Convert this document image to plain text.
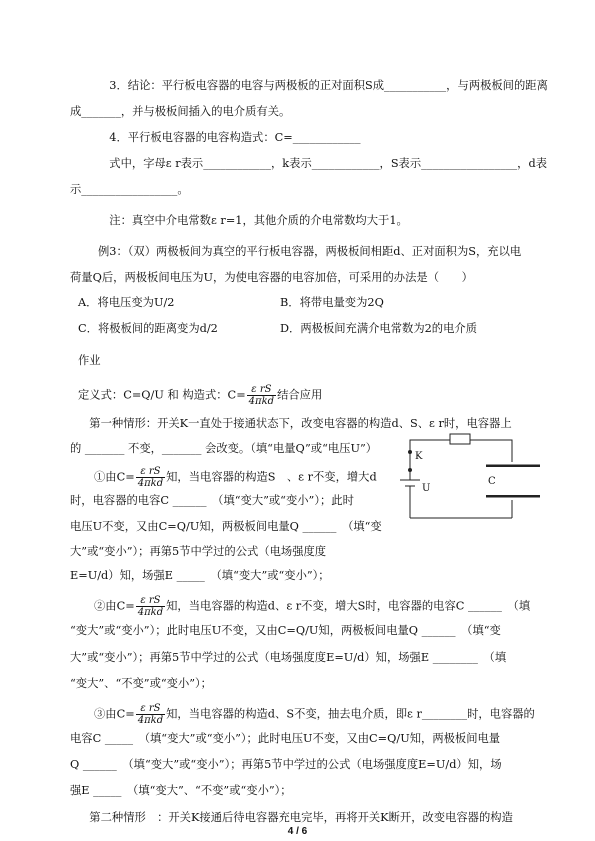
　3．结论：平行板电容器的电容与两极板的正对面积S成___________，与两极板间的距离
成_______，并与极板间插入的电介质有关。
　4．平行板电容器的电容构造式：C=____________
　式中，字母ε r表示____________，k表示____________，S表示_________________，d表
示_________________。
　注：真空中介电常数ε r=1，其他介质的介电常数均大于1。
例3：（双）两极板间为真空的平行板电容器，两极板间相距d、正对面积为S，充以电
荷量Q后，两极板间电压为U，为使电容器的电容加倍，可采用的办法是（　　）
A．将电压变为U/2	B．将带电量变为2Q
C．将极板间的距离变为d/2	D．两极板间充满介电常数为2的电介质
作业
定义式：C=Q/U 和 构造式：$C= \frac{\text{ε rS}}{\text{4πkd}}$ 结合应用
　第一种情形：开关K一直处于接通状态下，改变电容器的构造d、S、ε r时，电容器上
的 _______ 不变，_______ 会改变。（填“电量Q”或“电压U”）
①由$C= \frac{\text{ε rS}}{\text{4πkd}}$ 知，当电容器的构造S　、ε r不变，增大d
时，电容器的电容C ______　（填“变大”或“变小”）；此时
电压U不变，又由C=Q/U知，两极板间电量Q ______　（填“变
大”或“变小”）；再第5节中学过的公式（电场强度度
E=U/d）知，场强E _____　（填“变大”或“变小”）；
②由$C= \frac{\text{ε rS}}{\text{4πkd}}$ 知，当电容器的构造d、ε r不变，增大S时，电容器的电容C ______　（填
“变大”或“变小”）；此时电压U不变，又由C=Q/U知，两极板间电量Q ______　（填“变
大”或“变小”）；再第5节中学过的公式（电场强度度E=U/d）知，场强E ________　（填
“变大”、“不变”或“变小”）；
③由$C= \frac{\text{ε rS}}{\text{4πkd}}$ 知，当电容器的构造d、S不变，抽去电介质，即ε r________时，电容器的
电容C _____　（填“变大”或“变小”）；此时电压U不变，又由C=Q/U知，两极板间电量
Q ______　（填“变大”或“变小”）；再第5节中学过的公式（电场强度度E=U/d）知，场
强E _____　（填“变大”、“不变”或“变小”）；
　第二种情形　：开关K接通后待电容器充电完毕，再将开关K断开，改变电容器的构造
4 / 6
K
U
C
